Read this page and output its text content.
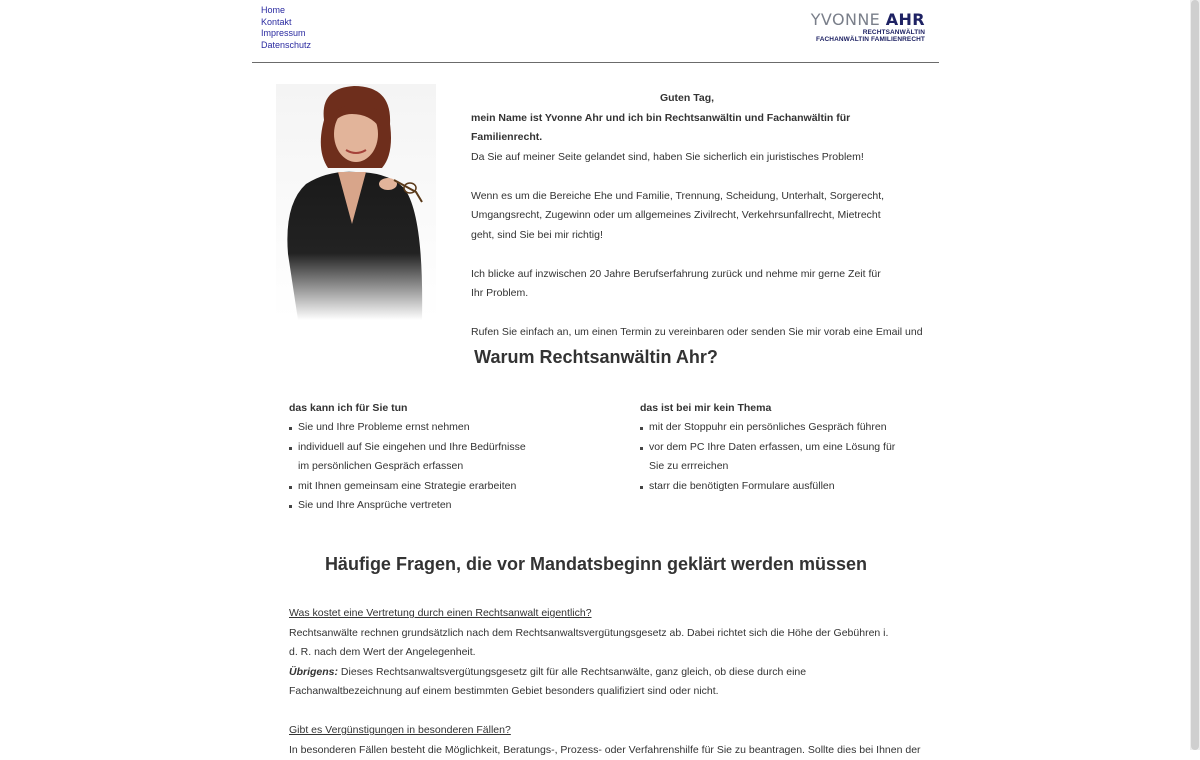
Home
Kontakt
Impressum
Datenschutz
YVONNE AHR
RECHTSANWÄLTIN
FACHANWÄLTIN FAMILIENRECHT

Guten Tag,

mein Name ist Yvonne Ahr und ich bin Rechtsanwältin und Fachanwältin für Familienrecht.

Da Sie auf meiner Seite gelandet sind, haben Sie sicherlich ein juristisches Problem!

Wenn es um die Bereiche Ehe und Familie, Trennung, Scheidung, Unterhalt, Sorgerecht, Umgangsrecht, Zugewinn oder um allgemeines Zivilrecht, Verkehrsunfallrecht, Mietrecht geht, sind Sie bei mir richtig!

Ich blicke auf inzwischen 20 Jahre Berufserfahrung zurück und nehme mir gerne Zeit für Ihr Problem.

Rufen Sie einfach an, um einen Termin zu vereinbaren oder senden Sie mir vorab eine Email und

Warum Rechtsanwältin Ahr?
das kann ich für Sie tun
Sie und Ihre Probleme ernst nehmen
individuell auf Sie eingehen und Ihre Bedürfnisse im persönlichen Gespräch erfassen
mit Ihnen gemeinsam eine Strategie erarbeiten
Sie und Ihre Ansprüche vertreten
das ist bei mir kein Thema
mit der Stoppuhr ein persönliches Gespräch führen
vor dem PC Ihre Daten erfassen, um eine Lösung für Sie zu errreichen
starr die benötigten Formulare ausfüllen
Häufige Fragen, die vor Mandatsbeginn geklärt werden müssen

Was kostet eine Vertretung durch einen Rechtsanwalt eigentlich?

Rechtsanwälte rechnen grundsätzlich nach dem Rechtsanwaltsvergütungsgesetz ab. Dabei richtet sich die Höhe der Gebühren i. d. R. nach dem Wert der Angelegenheit.

Übrigens: Dieses Rechtsanwaltsvergütungsgesetz gilt für alle Rechtsanwälte, ganz gleich, ob diese durch eine Fachanwaltbezeichnung auf einem bestimmten Gebiet besonders qualifiziert sind oder nicht.

Gibt es Vergünstigungen in besonderen Fällen?

In besonderen Fällen besteht die Möglichkeit, Beratungs-, Prozess- oder Verfahrenshilfe für Sie zu beantragen. Sollte dies bei Ihnen der
